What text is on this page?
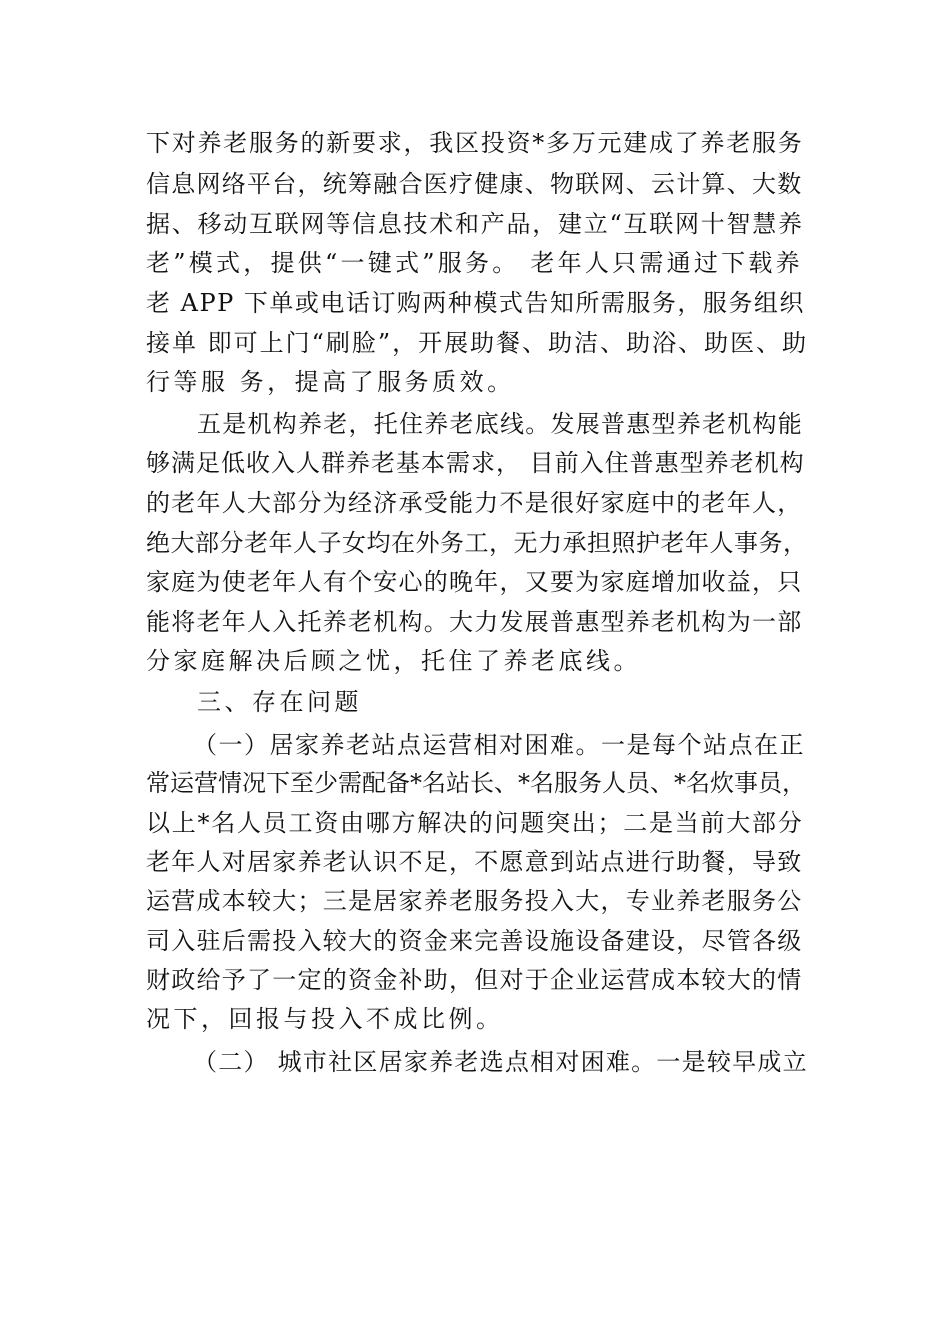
下对养老服务的新要求，我区投资*多万元建成了养老服务
信息网络平台，统筹融合医疗健康、物联网、云计算、大数
据、移动互联网等信息技术和产品，建立“互联网十智慧养
老”模式，提供“一键式”服务。 老年人只需通过下载养
老 APP 下单或电话订购两种模式告知所需服务，服务组织
接单 即可上门“刷脸”，开展助餐、助洁、助浴、助医、助
行等服 务，提高了服务质效。
五是机构养老，托住养老底线。发展普惠型养老机构能
够满足低收入人群养老基本需求， 目前入住普惠型养老机构
的老年人大部分为经济承受能力不是很好家庭中的老年人，
绝大部分老年人子女均在外务工，无力承担照护老年人事务，
家庭为使老年人有个安心的晚年，又要为家庭增加收益，只
能将老年人入托养老机构。大力发展普惠型养老机构为一部
分家庭解决后顾之忧，托住了养老底线。
三、存在问题
（一）居家养老站点运营相对困难。一是每个站点在正
常运营情况下至少需配备*名站长、*名服务人员、*名炊事员，
以上*名人员工资由哪方解决的问题突出；二是当前大部分
老年人对居家养老认识不足，不愿意到站点进行助餐，导致
运营成本较大；三是居家养老服务投入大，专业养老服务公
司入驻后需投入较大的资金来完善设施设备建设，尽管各级
财政给予了一定的资金补助，但对于企业运营成本较大的情
况下，回报与投入不成比例。
（二） 城市社区居家养老选点相对困难。一是较早成立
